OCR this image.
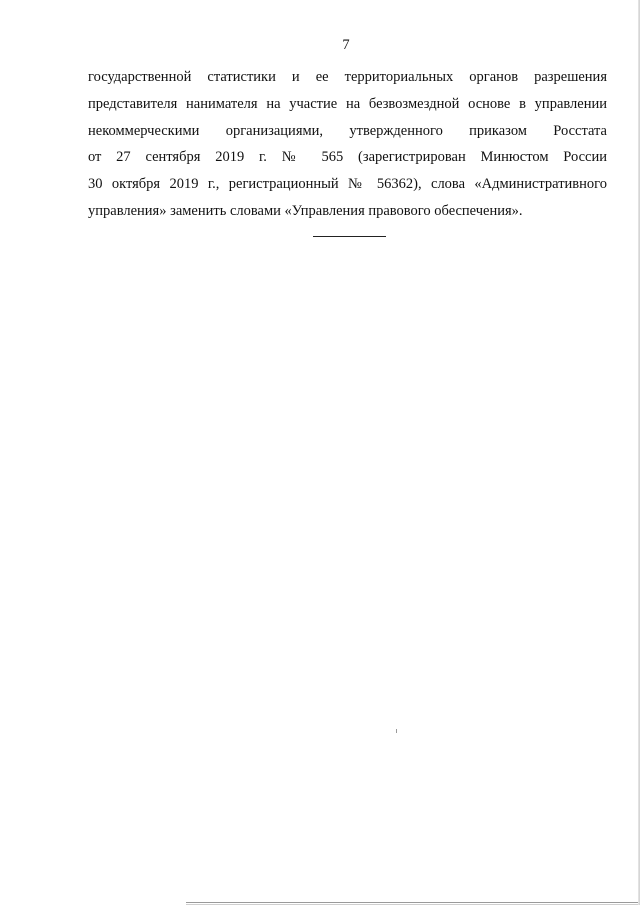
7
государственной статистики и ее территориальных органов разрешения
представителя нанимателя на участие на безвозмездной основе в управлении
некоммерческими организациями, утвержденного приказом Росстата
от 27 сентября 2019 г. № 565 (зарегистрирован Минюстом России
30 октября 2019 г., регистрационный № 56362), слова «Административного
управления» заменить словами «Управления правового обеспечения».
